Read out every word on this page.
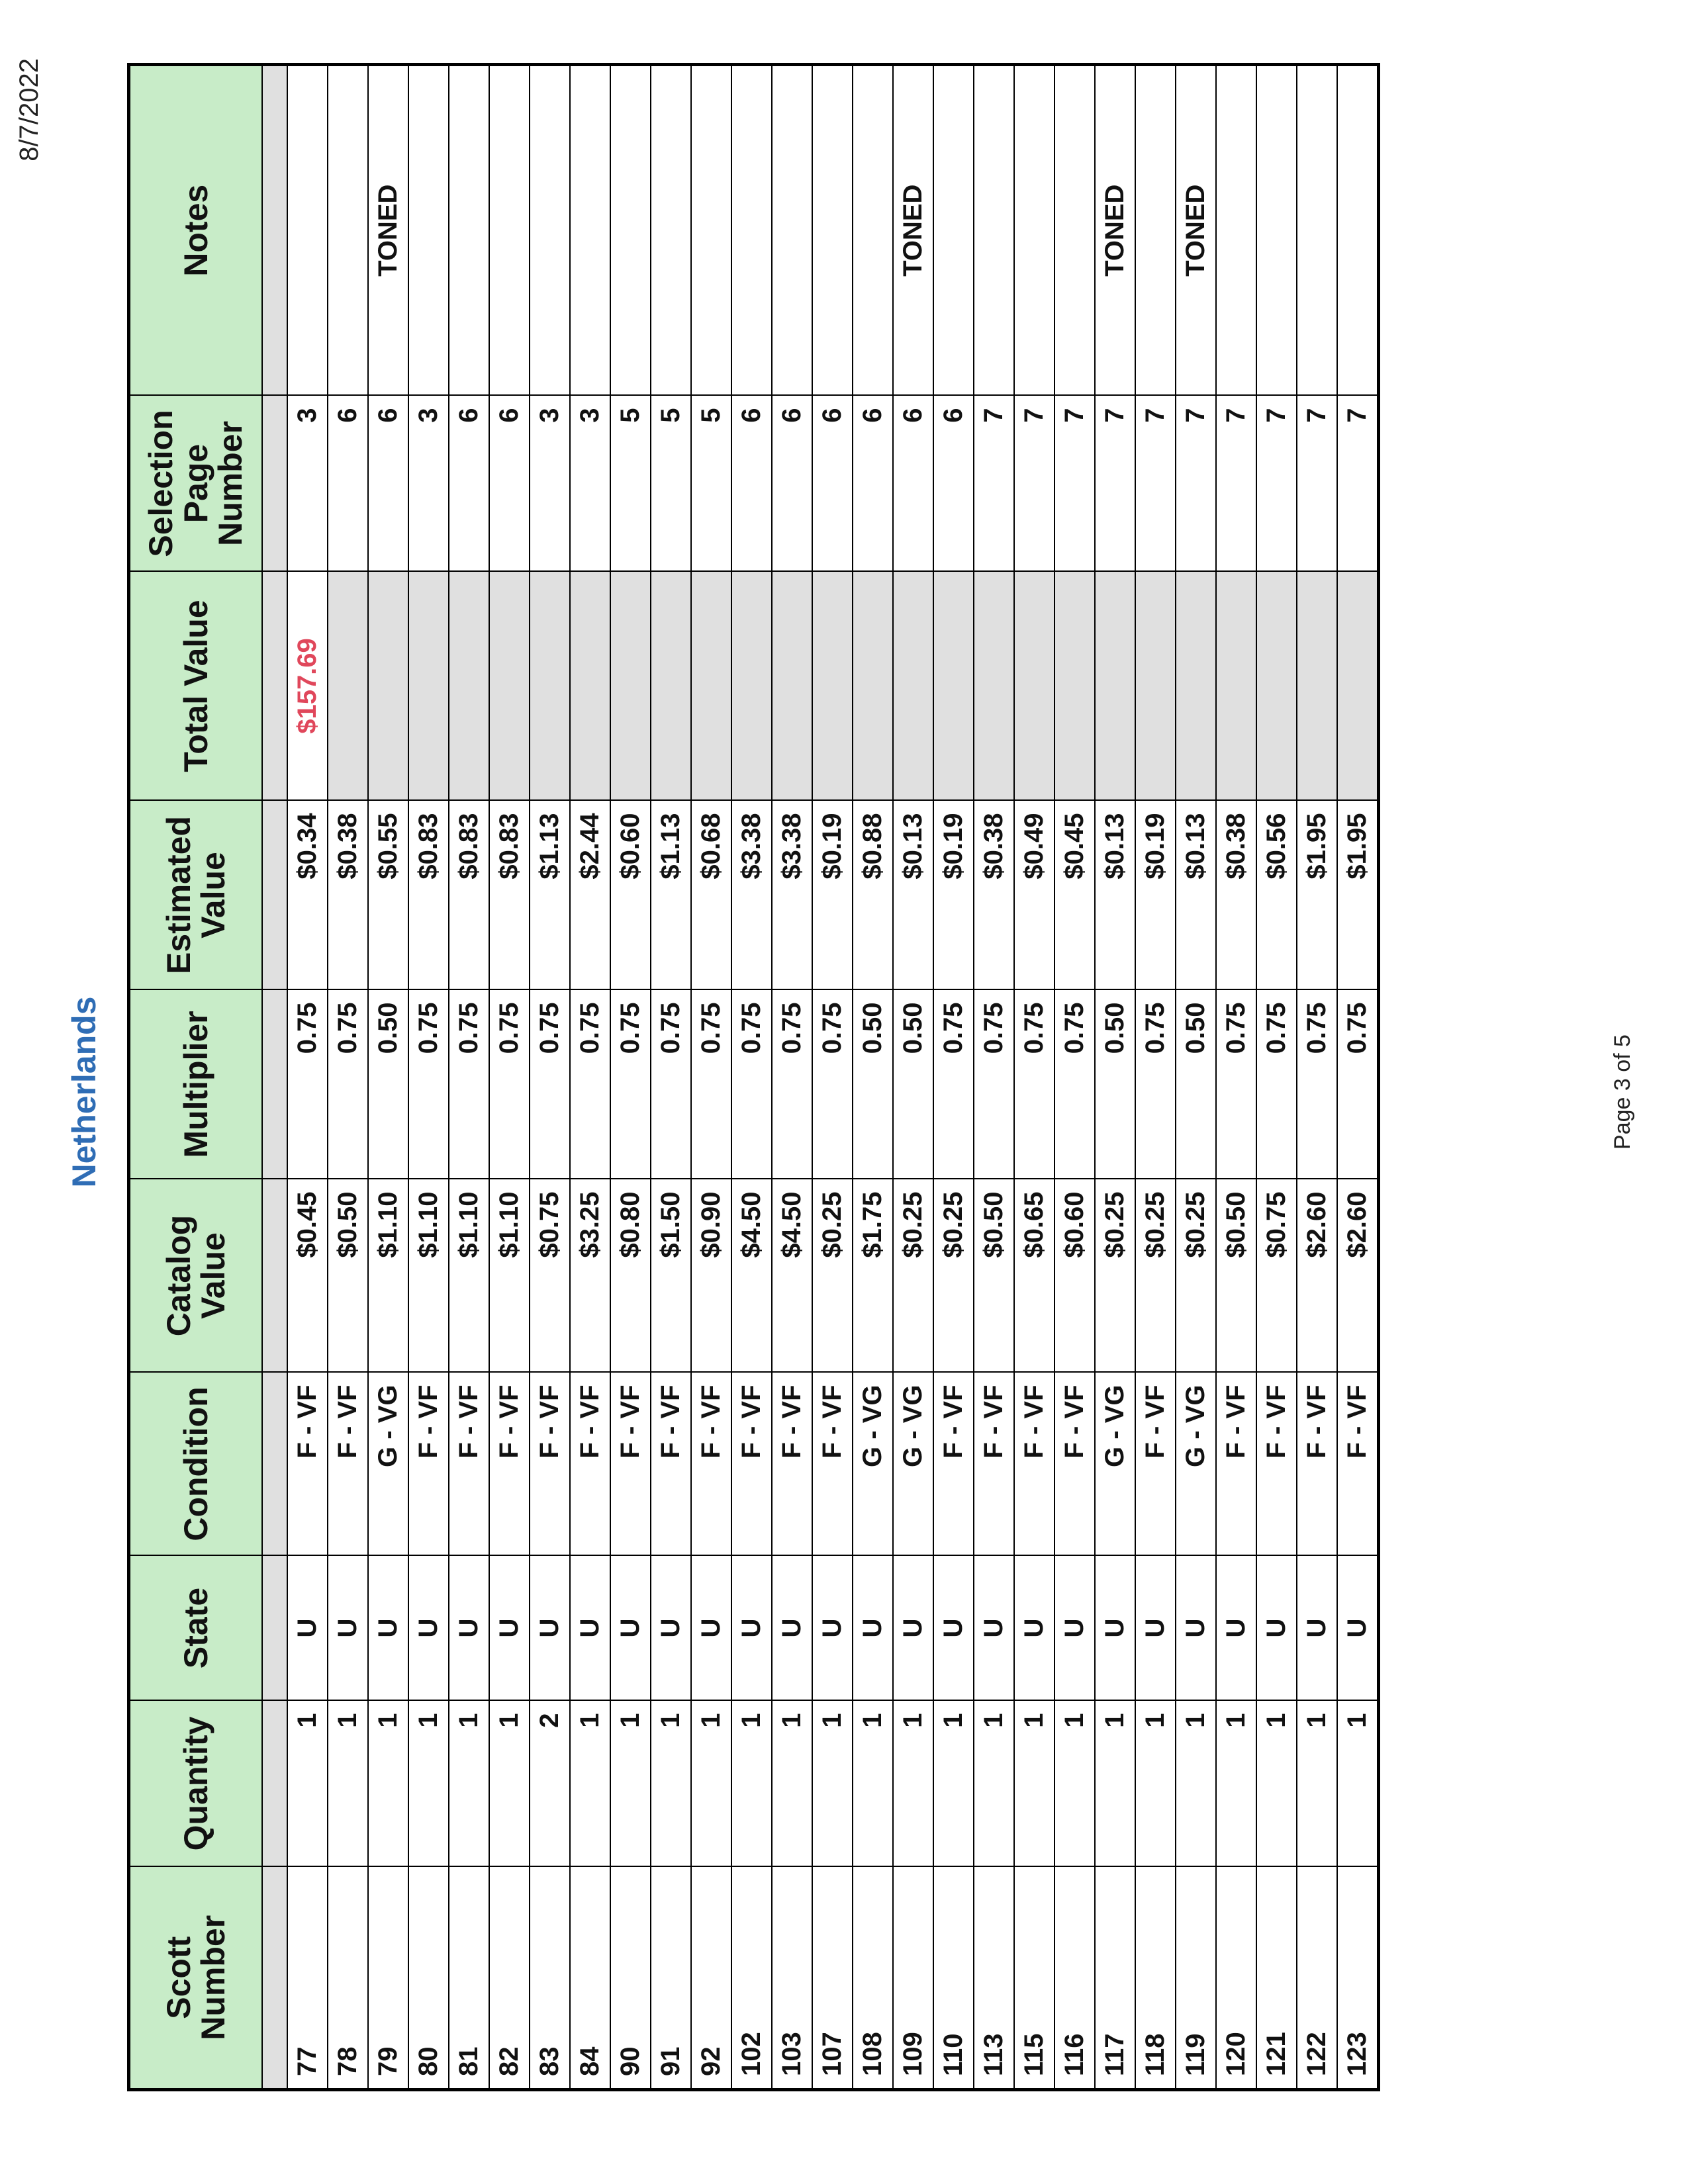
8/7/2022
Netherlands
Scott Number	Quantity	State	Condition	Catalog Value	Multiplier	Estimated Value	Total Value	Selection Page Number	Notes

77	1	U	F - VF	$0.45	0.75	$0.34	$157.69	3	
78	1	U	F - VF	$0.50	0.75	$0.38		6	
79	1	U	G - VG	$1.10	0.50	$0.55		6	TONED
80	1	U	F - VF	$1.10	0.75	$0.83		3	
81	1	U	F - VF	$1.10	0.75	$0.83		6	
82	1	U	F - VF	$1.10	0.75	$0.83		6	
83	2	U	F - VF	$0.75	0.75	$1.13		3	
84	1	U	F - VF	$3.25	0.75	$2.44		3	
90	1	U	F - VF	$0.80	0.75	$0.60		5	
91	1	U	F - VF	$1.50	0.75	$1.13		5	
92	1	U	F - VF	$0.90	0.75	$0.68		5	
102	1	U	F - VF	$4.50	0.75	$3.38		6	
103	1	U	F - VF	$4.50	0.75	$3.38		6	
107	1	U	F - VF	$0.25	0.75	$0.19		6	
108	1	U	G - VG	$1.75	0.50	$0.88		6	
109	1	U	G - VG	$0.25	0.50	$0.13		6	TONED
110	1	U	F - VF	$0.25	0.75	$0.19		6	
113	1	U	F - VF	$0.50	0.75	$0.38		7	
115	1	U	F - VF	$0.65	0.75	$0.49		7	
116	1	U	F - VF	$0.60	0.75	$0.45		7	
117	1	U	G - VG	$0.25	0.50	$0.13		7	TONED
118	1	U	F - VF	$0.25	0.75	$0.19		7	
119	1	U	G - VG	$0.25	0.50	$0.13		7	TONED
120	1	U	F - VF	$0.50	0.75	$0.38		7	
121	1	U	F - VF	$0.75	0.75	$0.56		7	
122	1	U	F - VF	$2.60	0.75	$1.95		7	
123	1	U	F - VF	$2.60	0.75	$1.95		7	
Page 3 of 5
